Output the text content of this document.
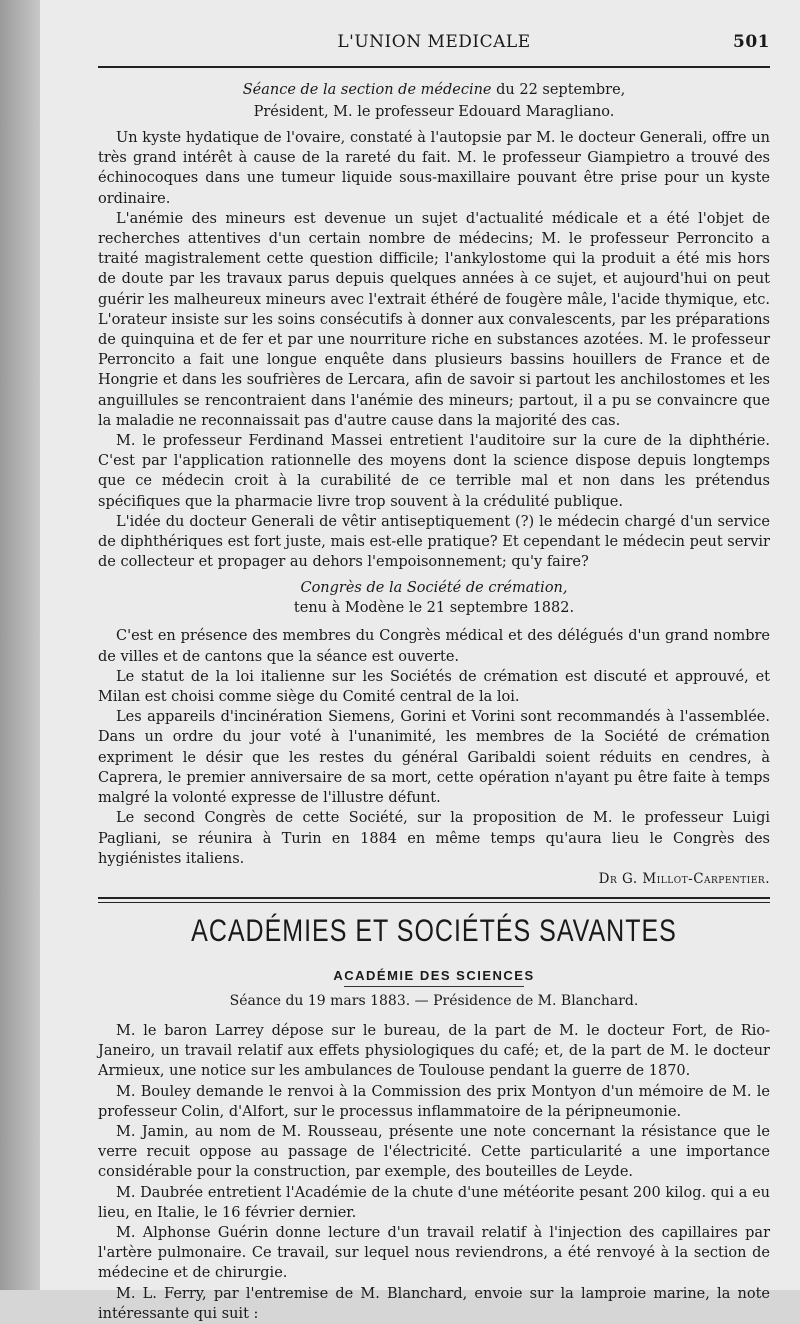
L'UNION MEDICALE	501
Séance de la section de médecine du 22 septembre,
Président, M. le professeur Edouard Maragliano.

Un kyste hydatique de l'ovaire, constaté à l'autopsie par M. le docteur Generali, offre un très grand intérêt à cause de la rareté du fait. M. le professeur Giampietro a trouvé des échinocoques dans une tumeur liquide sous-maxillaire pouvant être prise pour un kyste ordinaire.

L'anémie des mineurs est devenue un sujet d'actualité médicale et a été l'objet de recherches attentives d'un certain nombre de médecins; M. le professeur Perroncito a traité magistralement cette question difficile; l'ankylostome qui la produit a été mis hors de doute par les travaux parus depuis quelques années à ce sujet, et aujourd'hui on peut guérir les malheureux mineurs avec l'extrait éthéré de fougère mâle, l'acide thymique, etc. L'orateur insiste sur les soins consécutifs à donner aux convalescents, par les préparations de quinquina et de fer et par une nourriture riche en substances azotées. M. le professeur Perroncito a fait une longue enquête dans plusieurs bassins houillers de France et de Hongrie et dans les soufrières de Lercara, afin de savoir si partout les anchilostomes et les anguillules se rencontraient dans l'anémie des mineurs; partout, il a pu se convaincre que la maladie ne reconnaissait pas d'autre cause dans la majorité des cas.

M. le professeur Ferdinand Massei entretient l'auditoire sur la cure de la diphthérie. C'est par l'application rationnelle des moyens dont la science dispose depuis longtemps que ce médecin croit à la curabilité de ce terrible mal et non dans les prétendus spécifiques que la pharmacie livre trop souvent à la crédulité publique.

L'idée du docteur Generali de vêtir antiseptiquement (?) le médecin chargé d'un service de diphthériques est fort juste, mais est-elle pratique? Et cependant le médecin peut servir de collecteur et propager au dehors l'empoisonnement; qu'y faire?

Congrès de la Société de crémation,
tenu à Modène le 21 septembre 1882.

C'est en présence des membres du Congrès médical et des délégués d'un grand nombre de villes et de cantons que la séance est ouverte.

Le statut de la loi italienne sur les Sociétés de crémation est discuté et approuvé, et Milan est choisi comme siège du Comité central de la loi.

Les appareils d'incinération Siemens, Gorini et Vorini sont recommandés à l'assemblée. Dans un ordre du jour voté à l'unanimité, les membres de la Société de crémation expriment le désir que les restes du général Garibaldi soient réduits en cendres, à Caprera, le premier anniversaire de sa mort, cette opération n'ayant pu être faite à temps malgré la volonté expresse de l'illustre défunt.

Le second Congrès de cette Société, sur la proposition de M. le professeur Luigi Pagliani, se réunira à Turin en 1884 en même temps qu'aura lieu le Congrès des hygiénistes italiens.

Dr G. Millot-Carpentier.
ACADÉMIES ET SOCIÉTÉS SAVANTES
ACADÉMIE DES SCIENCES
Séance du 19 mars 1883. — Présidence de M. Blanchard.

M. le baron Larrey dépose sur le bureau, de la part de M. le docteur Fort, de Rio-Janeiro, un travail relatif aux effets physiologiques du café; et, de la part de M. le docteur Armieux, une notice sur les ambulances de Toulouse pendant la guerre de 1870.

M. Bouley demande le renvoi à la Commission des prix Montyon d'un mémoire de M. le professeur Colin, d'Alfort, sur le processus inflammatoire de la péripneumonie.

M. Jamin, au nom de M. Rousseau, présente une note concernant la résistance que le verre recuit oppose au passage de l'électricité. Cette particularité a une importance considérable pour la construction, par exemple, des bouteilles de Leyde.

M. Daubrée entretient l'Académie de la chute d'une météorite pesant 200 kilog. qui a eu lieu, en Italie, le 16 février dernier.

M. Alphonse Guérin donne lecture d'un travail relatif à l'injection des capillaires par l'artère pulmonaire. Ce travail, sur lequel nous reviendrons, a été renvoyé à la section de médecine et de chirurgie.

M. L. Ferry, par l'entremise de M. Blanchard, envoie sur la lamproie marine, la note intéressante qui suit :
